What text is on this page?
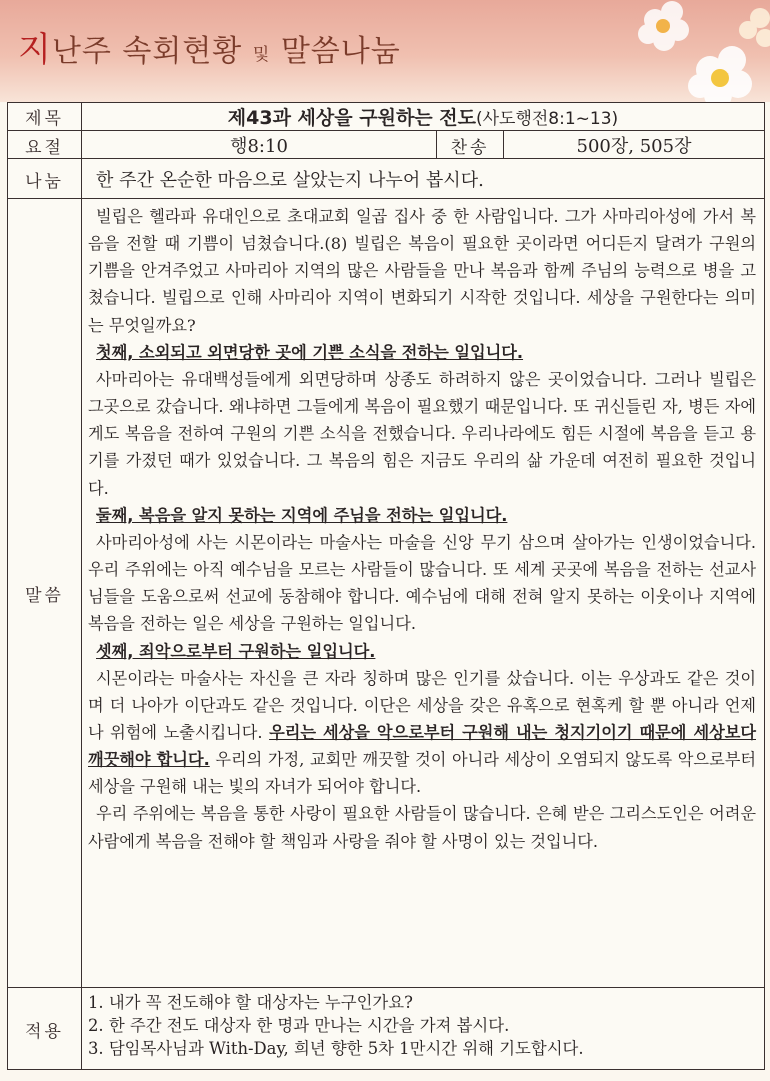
지난주 속회현황 및 말씀나눔
제목	제43과 세상을 구원하는 전도 (사도행전8:1~13)
요절	행8:10	찬송	500장, 505장
나눔	한 주간 온순한 마음으로 살았는지 나누어 봅시다.
말씀

빌립은 헬라파 유대인으로 초대교회 일곱 집사 중 한 사람입니다. 그가 사마리아성에 가서 복음을 전할 때 기쁨이 넘쳤습니다.(8) 빌립은 복음이 필요한 곳이라면 어디든지 달려가 구원의 기쁨을 안겨주었고 사마리아 지역의 많은 사람들을 만나 복음과 함께 주님의 능력으로 병을 고쳤습니다. 빌립으로 인해 사마리아 지역이 변화되기 시작한 것입니다. 세상을 구원한다는 의미는 무엇일까요?

첫째, 소외되고 외면당한 곳에 기쁜 소식을 전하는 일입니다.

사마리아는 유대백성들에게 외면당하며 상종도 하려하지 않은 곳이었습니다. 그러나 빌립은 그곳으로 갔습니다. 왜냐하면 그들에게 복음이 필요했기 때문입니다. 또 귀신들린 자, 병든 자에게도 복음을 전하여 구원의 기쁜 소식을 전했습니다. 우리나라에도 힘든 시절에 복음을 듣고 용기를 가졌던 때가 있었습니다. 그 복음의 힘은 지금도 우리의 삶 가운데 여전히 필요한 것입니다.

둘째, 복음을 알지 못하는 지역에 주님을 전하는 일입니다.

사마리아성에 사는 시몬이라는 마술사는 마술을 신앙 무기 삼으며 살아가는 인생이었습니다. 우리 주위에는 아직 예수님을 모르는 사람들이 많습니다. 또 세계 곳곳에 복음을 전하는 선교사님들을 도움으로써 선교에 동참해야 합니다. 예수님에 대해 전혀 알지 못하는 이웃이나 지역에 복음을 전하는 일은 세상을 구원하는 일입니다.

셋째, 죄악으로부터 구원하는 일입니다.

시몬이라는 마술사는 자신을 큰 자라 칭하며 많은 인기를 샀습니다. 이는 우상과도 같은 것이며 더 나아가 이단과도 같은 것입니다. 이단은 세상을 갖은 유혹으로 현혹케 할 뿐 아니라 언제나 위험에 노출시킵니다. 우리는 세상을 악으로부터 구원해 내는 청지기이기 때문에 세상보다 깨끗해야 합니다. 우리의 가정, 교회만 깨끗할 것이 아니라 세상이 오염되지 않도록 악으로부터 세상을 구원해 내는 빛의 자녀가 되어야 합니다.

우리 주위에는 복음을 통한 사랑이 필요한 사람들이 많습니다. 은혜 받은 그리스도인은 어려운 사람에게 복음을 전해야 할 책임과 사랑을 줘야 할 사명이 있는 것입니다.

적용
1. 내가 꼭 전도해야 할 대상자는 누구인가요?
2. 한 주간 전도 대상자 한 명과 만나는 시간을 가져 봅시다.
3. 담임목사님과 With-Day, 희년 향한 5차 1만시간 위해 기도합시다.
